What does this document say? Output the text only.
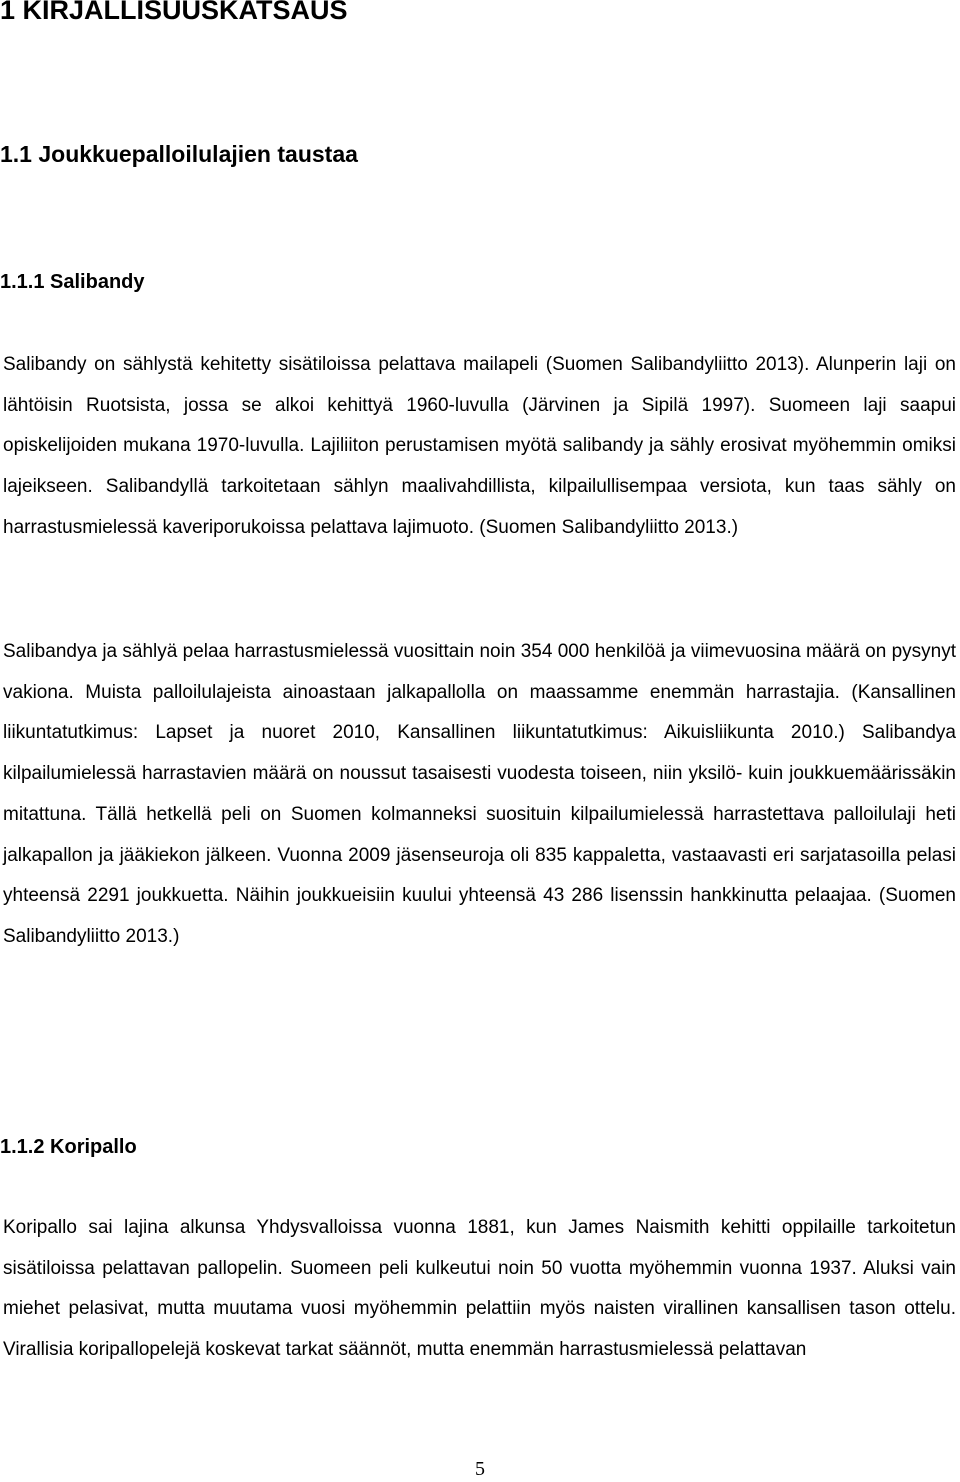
1 KIRJALLISUUSKATSAUS
1.1 Joukkuepalloilulajien taustaa
1.1.1 Salibandy

Salibandy on sählystä kehitetty sisätiloissa pelattava mailapeli (Suomen Salibandyliitto 2013). Alunperin laji on lähtöisin Ruotsista, jossa se alkoi kehittyä 1960-luvulla (Järvinen ja Sipilä 1997). Suomeen laji saapui opiskelijoiden mukana 1970-luvulla. Lajiliiton perustamisen myötä salibandy ja sähly erosivat myöhemmin omiksi lajeikseen. Salibandyllä tarkoitetaan sählyn maalivahdillista, kilpailullisempaa versiota, kun taas sähly on harrastusmielessä kaveriporukoissa pelattava lajimuoto. (Suomen Salibandyliitto 2013.)

Salibandya ja sählyä pelaa harrastusmielessä vuosittain noin 354 000 henkilöä ja viimevuosina määrä on pysynyt vakiona. Muista palloilulajeista ainoastaan jalkapallolla on maassamme enemmän harrastajia. (Kansallinen liikuntatutkimus: Lapset ja nuoret 2010, Kansallinen liikuntatutkimus: Aikuisliikunta 2010.) Salibandya kilpailumielessä harrastavien määrä on noussut tasaisesti vuodesta toiseen, niin yksilö- kuin joukkuemäärissäkin mitattuna. Tällä hetkellä peli on Suomen kolmanneksi suosituin kilpailumielessä harrastettava palloilulaji heti jalkapallon ja jääkiekon jälkeen. Vuonna 2009 jäsenseuroja oli 835 kappaletta, vastaavasti eri sarjatasoilla pelasi yhteensä 2291 joukkuetta. Näihin joukkueisiin kuului yhteensä 43 286 lisenssin hankkinutta pelaajaa. (Suomen Salibandyliitto 2013.)

1.1.2 Koripallo

Koripallo sai lajina alkunsa Yhdysvalloissa vuonna 1881, kun James Naismith kehitti oppilaille tarkoitetun sisätiloissa pelattavan pallopelin. Suomeen peli kulkeutui noin 50 vuotta myöhemmin vuonna 1937. Aluksi vain miehet pelasivat, mutta muutama vuosi myöhemmin pelattiin myös naisten virallinen kansallisen tason ottelu. Virallisia koripallopelejä koskevat tarkat säännöt, mutta enemmän harrastusmielessä pelattavan

5
